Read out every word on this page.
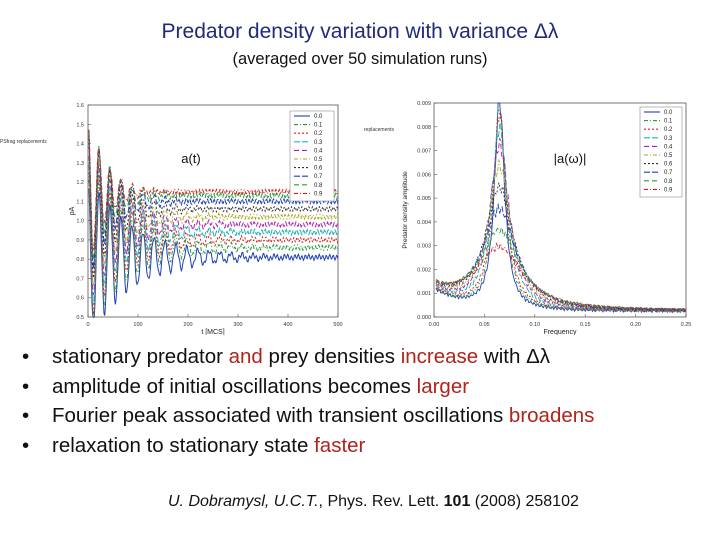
Predator density variation with variance Δλ
(averaged over 50 simulation runs)
PSfrag replacements
0.5
0.6
0.7
0.8
0.9
1.0
1.1
1.2
1.3
1.4
1.5
1.6
0	100	200	300	400	500
t [MCS]
ρA
0.0
0.1
0.2
0.3
0.4
0.5
0.6
0.7
0.8
0.9
a(t)
replacements
0.000
0.001
0.002
0.003
0.004
0.005
0.006
0.007
0.008
0.009
0.00	0.05	0.10	0.15	0.20	0.25
Frequency
Predator density amplitude
0.0
0.1
0.2
0.3
0.4
0.5
0.6
0.7
0.8
0.9
|a(ω)|
• stationary predator and prey densities increase with Δλ
• amplitude of initial oscillations becomes larger
• Fourier peak associated with transient oscillations broadens
• relaxation to stationary state faster
U. Dobramysl, U.C.T., Phys. Rev. Lett. 101 (2008) 258102
